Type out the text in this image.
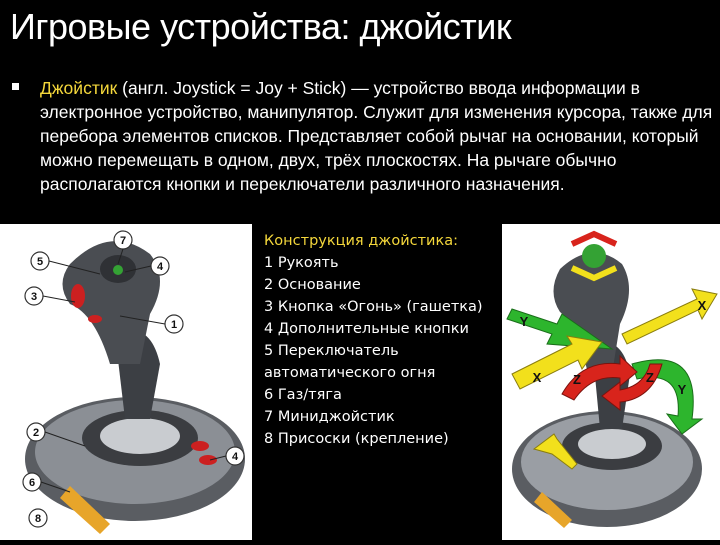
Игровые устройства: джойстик
Джойстик (англ. Joystick = Joy + Stick) — устройство ввода информации в электронное устройство, манипулятор. Служит для изменения курсора, также для перебора элементов списков. Представляет собой рычаг на основании, который можно перемещать в одном, двух, трёх плоскостях. На рычаге обычно располагаются кнопки и переключатели различного назначения.
7
5	4
3
1
2
4
6
8
Конструкция джойстика:
1 Рукоять
2 Основание
3 Кнопка «Огонь» (гашетка)
4 Дополнительные кнопки
5 Переключатель автоматического огня
6 Газ/тяга
7 Миниджойстик
8 Присоски (крепление)
Y
X
Z	Z
Y
X
